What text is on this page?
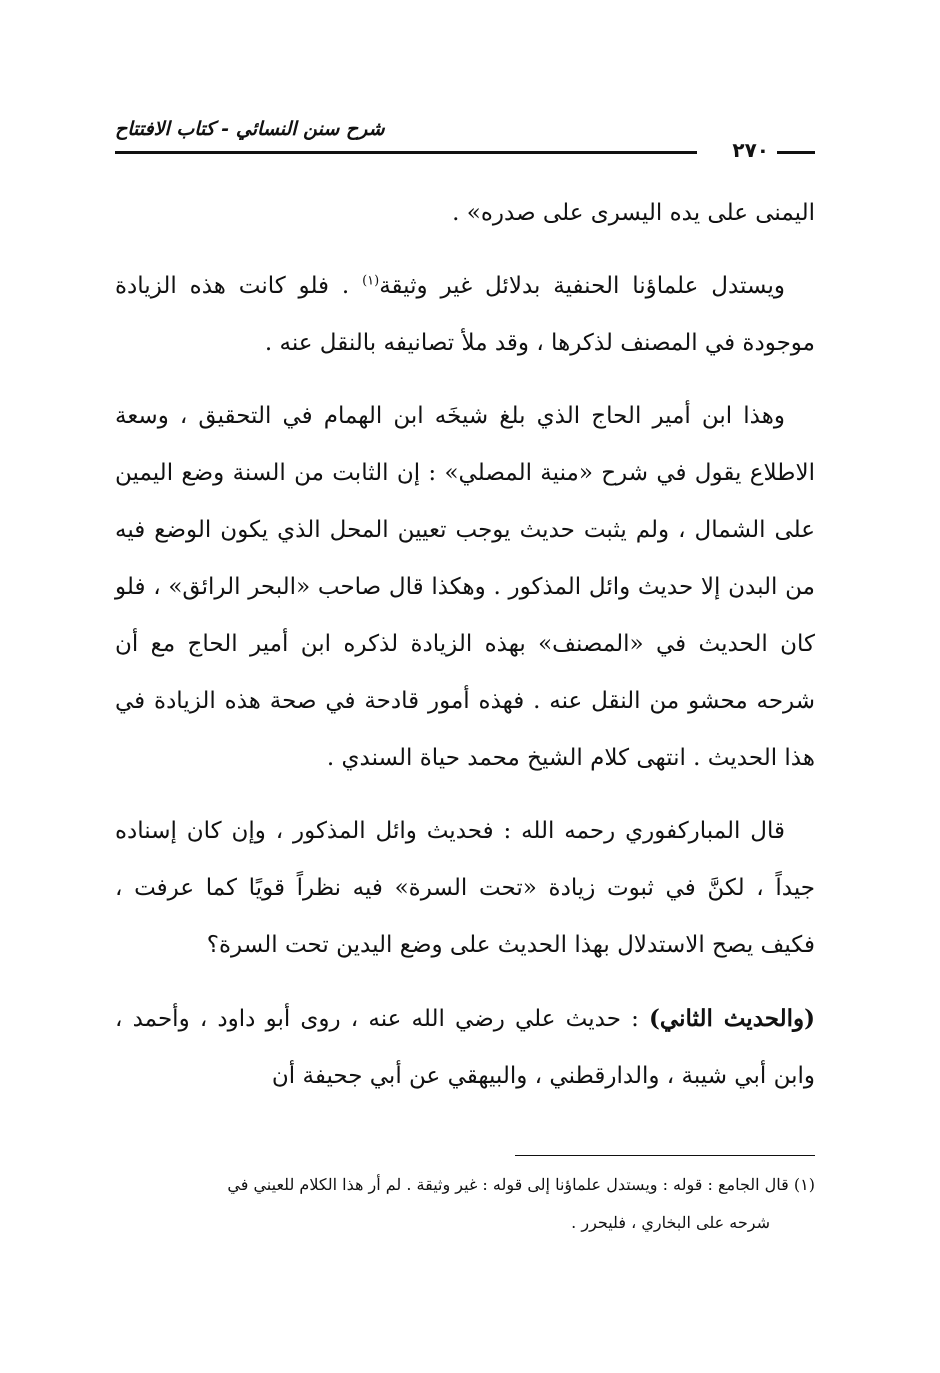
شرح سنن النسائي - كتاب الافتتاح
٢٧٠

اليمنى على يده اليسرى على صدره» .

ويستدل علماؤنا الحنفية بدلائل غير وثيقة$^{(١)}$ . فلو كانت هذه الزيادة موجودة في المصنف لذكرها ، وقد ملأ تصانيفه بالنقل عنه .

وهذا ابن أمير الحاج الذي بلغ شيخَه ابن الهمام في التحقيق ، وسعة الاطلاع يقول في شرح «منية المصلي» : إن الثابت من السنة وضع اليمين على الشمال ، ولم يثبت حديث يوجب تعيين المحل الذي يكون الوضع فيه من البدن إلا حديث وائل المذكور . وهكذا قال صاحب «البحر الرائق» ، فلو كان الحديث في «المصنف» بهذه الزيادة لذكره ابن أمير الحاج مع أن شرحه محشو من النقل عنه . فهذه أمور قادحة في صحة هذه الزيادة في هذا الحديث . انتهى كلام الشيخ محمد حياة السندي .

قال المباركفوري رحمه الله : فحديث وائل المذكور ، وإن كان إسناده جيداً ، لكنَّ في ثبوت زيادة «تحت السرة» فيه نظراً قويًا كما عرفت ، فكيف يصح الاستدلال بهذا الحديث على وضع اليدين تحت السرة؟

(والحديث الثاني) : حديث علي رضي الله عنه ، روى أبو داود ، وأحمد ، وابن أبي شيبة ، والدارقطني ، والبيهقي عن أبي جحيفة أن

(١) قال الجامع : قوله : ويستدل علماؤنا إلى قوله : غير وثيقة . لم أر هذا الكلام للعيني في
شرحه على البخاري ، فليحرر .
